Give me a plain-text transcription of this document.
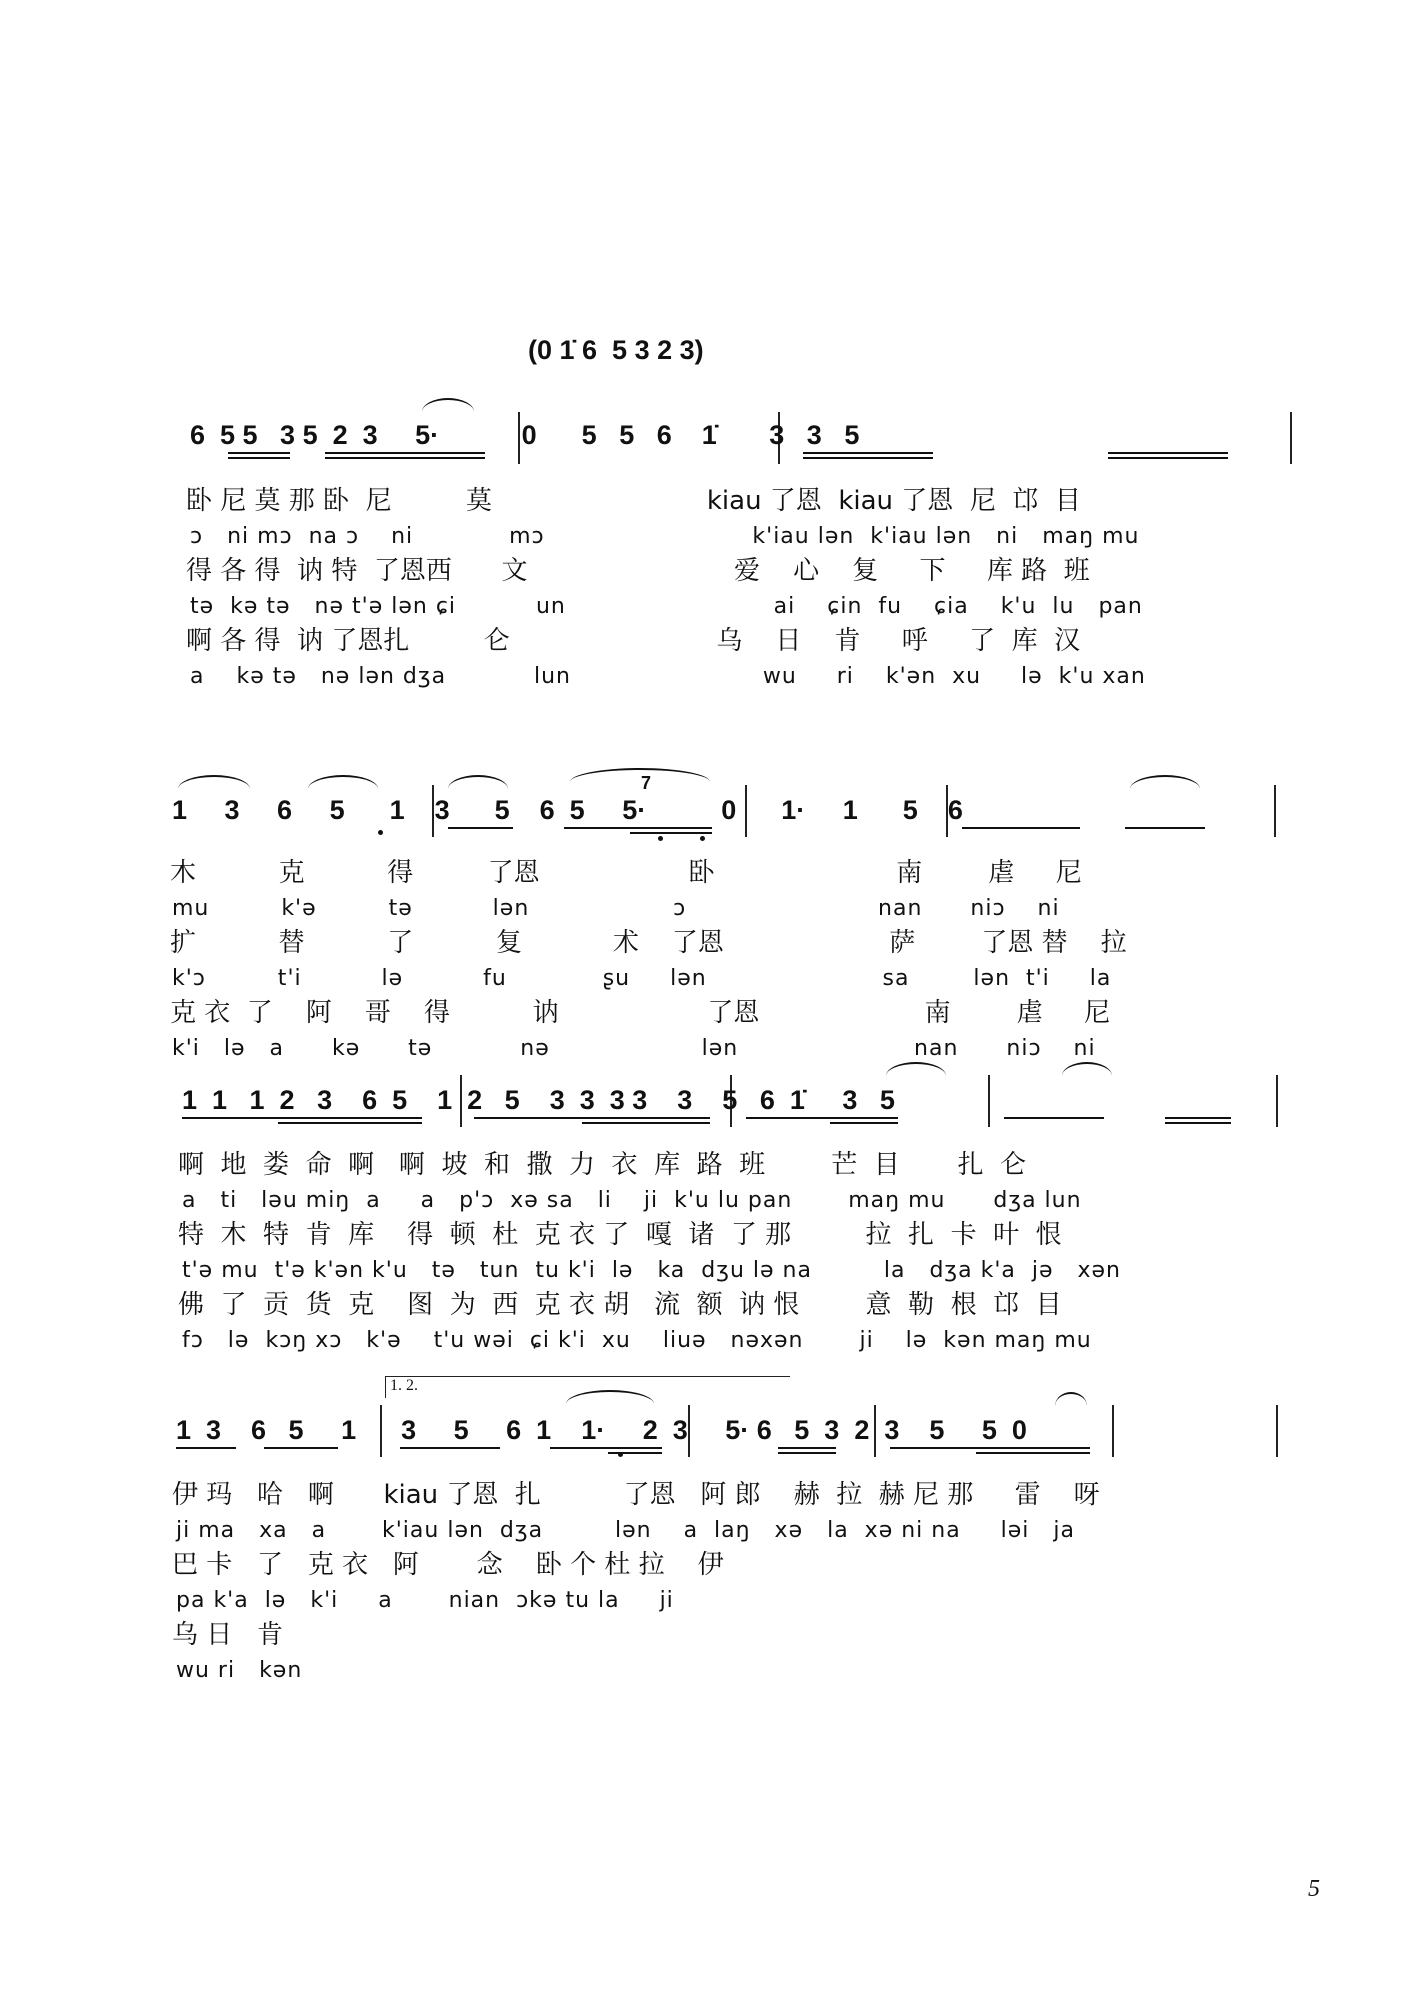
(0 1̇ 6  5 3 2 3)
6  5 5   3 5  2  3     5·           0      5   5   6    1̇       3   3   5
卧 尼 莫 那 卧  尼         莫                          kiau 了恩  kiau 了恩  尼  邙  目
ɔ   ni mɔ  na ɔ    ni            mɔ                          k'iau lən  k'iau lən   ni   maŋ mu
得 各 得  讷 特  了恩西      文                         爱    心    复     下     库 路  班
tə  kə tə   nə t'ə lən ɕi          un                          ai    ɕin  fu    ɕia    k'u  lu   pan
啊 各 得  讷 了恩扎         仑                         乌    日    肯     呼     了  库  汉
a    kə tə   nə lən dʒa           lun                        wu     ri    k'ən  xu     lə  k'u xan
1     3     6     5      1    3      5    6  5     5·          0      1·     1      5    6
7
木          克          得         了恩                  卧                      南        虐     尼
mu         k'ə         tə          lən                  ɔ                        nan      niɔ    ni
扩          替          了          复           术    了恩                    萨        了恩 替    拉
k'ɔ         t'i          lə          fu            ʂu     lən                      sa        lən  t'i     la
克 衣  了    阿    哥    得          讷                  了恩                    南        虐     尼
k'i   lə   a      kə      tə           nə                   lən                      nan      niɔ    ni
1  1   1  2   3    6  5    1  2   5    3  3  3 3    3    5   6  1̇     3   5
啊  地  娄  命  啊   啊  坡  和  撒  力  衣  库  路  班        芒  目       扎  仑
a   ti   ləu miŋ  a     a   p'ɔ  xə sa   li    ji  k'u lu pan       maŋ mu      dʒa lun
特  木  特  肯  库    得  顿  杜  克 衣 了  嘎  诸  了 那         拉  扎  卡  叶  恨
t'ə mu  t'ə k'ən k'u   tə   tun  tu k'i  lə   ka  dʒu lə na         la   dʒa k'a  jə   xən
佛  了  贡  货  克    图  为  西  克 衣 胡   流  额  讷 恨        意  勒  根  邙  目
fɔ   lə  kɔŋ xɔ   k'ə    t'u wəi  ɕi k'i  xu    liuə   nəxən       ji    lə  kən maŋ mu
1. 2.
1  3    6   5     1      3     5     6  1    1·     2  3     5· 6   5  3  2  3    5     5  0
伊 玛   哈   啊      kiau 了恩  扎          了恩   阿 郎    赫  拉  赫 尼 那     雷    呀
ji ma   xa   a       k'iau lən  dʒa         lən    a  laŋ   xə   la  xə ni na     ləi   ja
巴 卡   了   克 衣   阿       念    卧 个 杜 拉    伊
pa k'a  lə   k'i     a       nian  ɔkə tu la     ji
乌 日   肯
wu ri   kən
5
